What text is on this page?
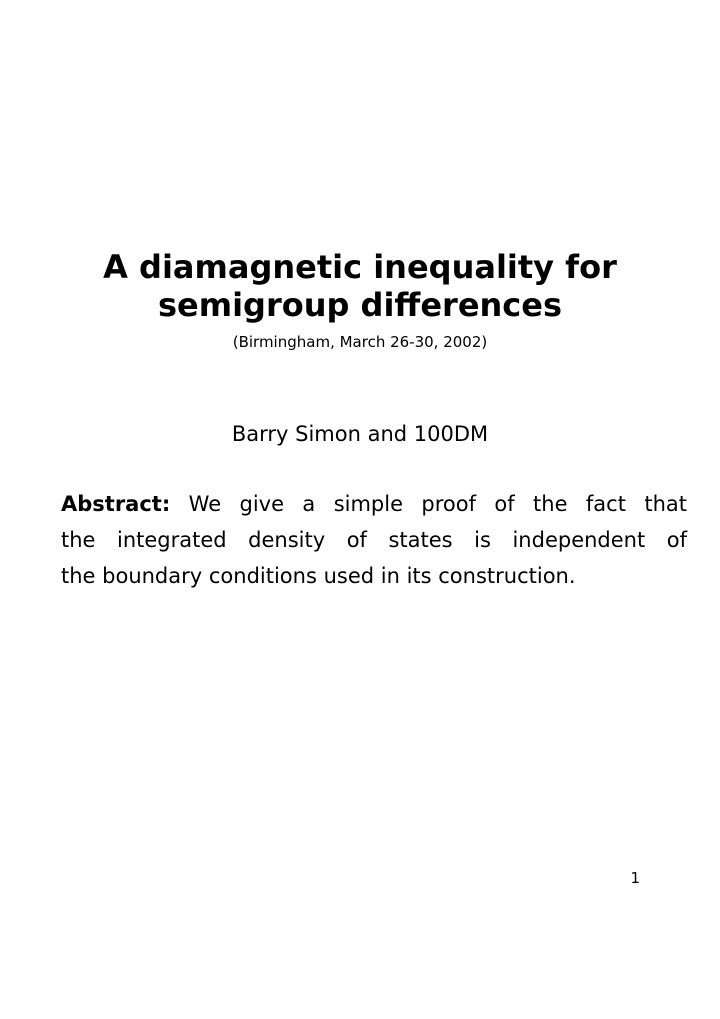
A diamagnetic inequality for
semigroup differences

(Birmingham, March 26-30, 2002)

Barry Simon and 100DM

Abstract: We give a simple proof of the fact that
the integrated density of states is independent of
the boundary conditions used in its construction.

1
